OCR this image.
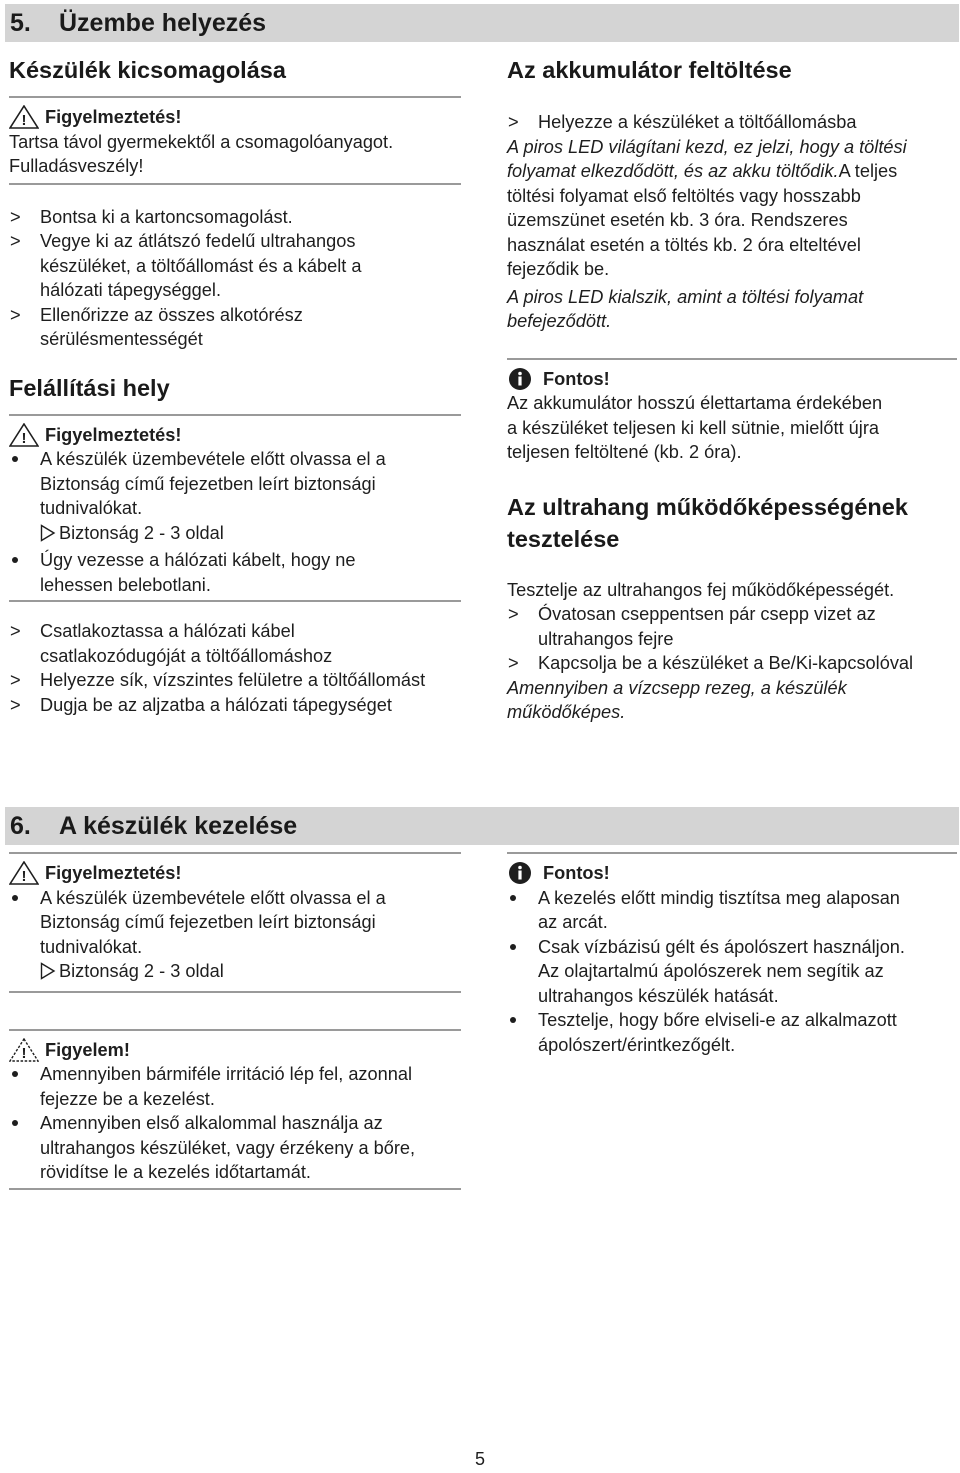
5. Üzembe helyezés
Készülék kicsomagolása
! Figyelmeztetés!

Tartsa távol gyermekektől a csomagolóanyagot.

Fulladásveszély!

>	Bontsa ki a kartoncsomagolást.

>	Vegye ki az átlátszó fedelű ultrahangos

készüléket, a töltőállomást és a kábelt a

hálózati tápegységgel.

>	Ellenőrizze az összes alkotórész

sérülésmentességét

Felállítási hely
! Figyelmeztetés!

A készülék üzembevétele előtt olvassa el a

Biztonság című fejezetben leírt biztonsági

tudnivalókat.

Biztonság 2 - 3 oldal

Úgy vezesse a hálózati kábelt, hogy ne

lehessen belebotlani.

>	Csatlakoztassa a hálózati kábel

csatlakozódugóját a töltőállomáshoz

>	Helyezze sík, vízszintes felületre a töltőállomást

>	Dugja be az aljzatba a hálózati tápegységet

Az akkumulátor feltöltése
>	Helyezze a készüléket a töltőállomásba

A piros LED világítani kezd, ez jelzi, hogy a töltési

folyamat elkezdődött, és az akku töltődik.A teljes

töltési folyamat első feltöltés vagy hosszabb

üzemszünet esetén kb. 3 óra. Rendszeres

használat esetén a töltés kb. 2 óra elteltével

fejeződik be.

A piros LED kialszik, amint a töltési folyamat

befejeződött.

Fontos!

Az akkumulátor hosszú élettartama érdekében

a készüléket teljesen ki kell sütnie, mielőtt újra

teljesen feltöltené (kb. 2 óra).

Az ultrahang működőképességének
tesztelése

Tesztelje az ultrahangos fej működőképességét.

>	Óvatosan cseppentsen pár csepp vizet az

ultrahangos fejre

>	Kapcsolja be a készüléket a Be/Ki-kapcsolóval

Amennyiben a vízcsepp rezeg, a készülék

működőképes.

6. A készülék kezelése
! Figyelmeztetés!

A készülék üzembevétele előtt olvassa el a

Biztonság című fejezetben leírt biztonsági

tudnivalókat.

Biztonság 2 - 3 oldal

! Figyelem!

Amennyiben bármiféle irritáció lép fel, azonnal

fejezze be a kezelést.

Amennyiben első alkalommal használja az

ultrahangos készüléket, vagy érzékeny a bőre,

rövidítse le a kezelés időtartamát.

Fontos!

A kezelés előtt mindig tisztítsa meg alaposan

az arcát.

Csak vízbázisú gélt és ápolószert használjon.

Az olajtartalmú ápolószerek nem segítik az

ultrahangos készülék hatását.

Tesztelje, hogy bőre elviseli-e az alkalmazott

ápolószert/érintkezőgélt.

5
